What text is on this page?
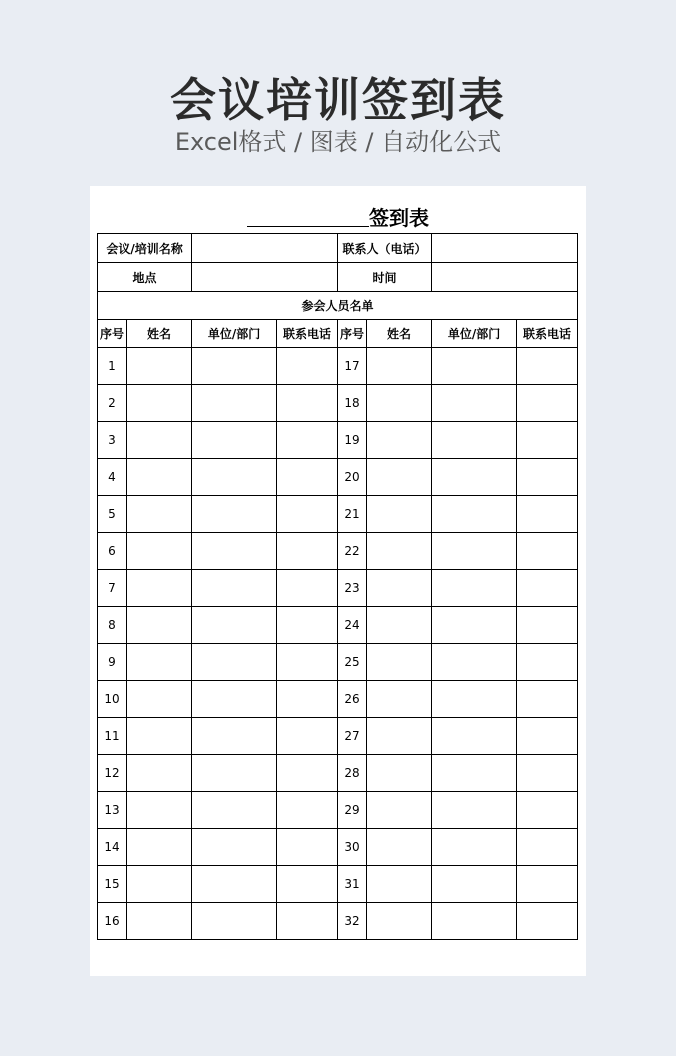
会议培训签到表
Excel格式 / 图表 / 自动化公式
签到表
会议/培训名称				联系人（电话）			
地点				时间			
参会人员名单							
序号	姓名	单位/部门	联系电话	序号	姓名	单位/部门	联系电话
1				17			
2				18			
3				19			
4				20			
5				21			
6				22			
7				23			
8				24			
9				25			
10				26			
11				27			
12				28			
13				29			
14				30			
15				31			
16				32			
